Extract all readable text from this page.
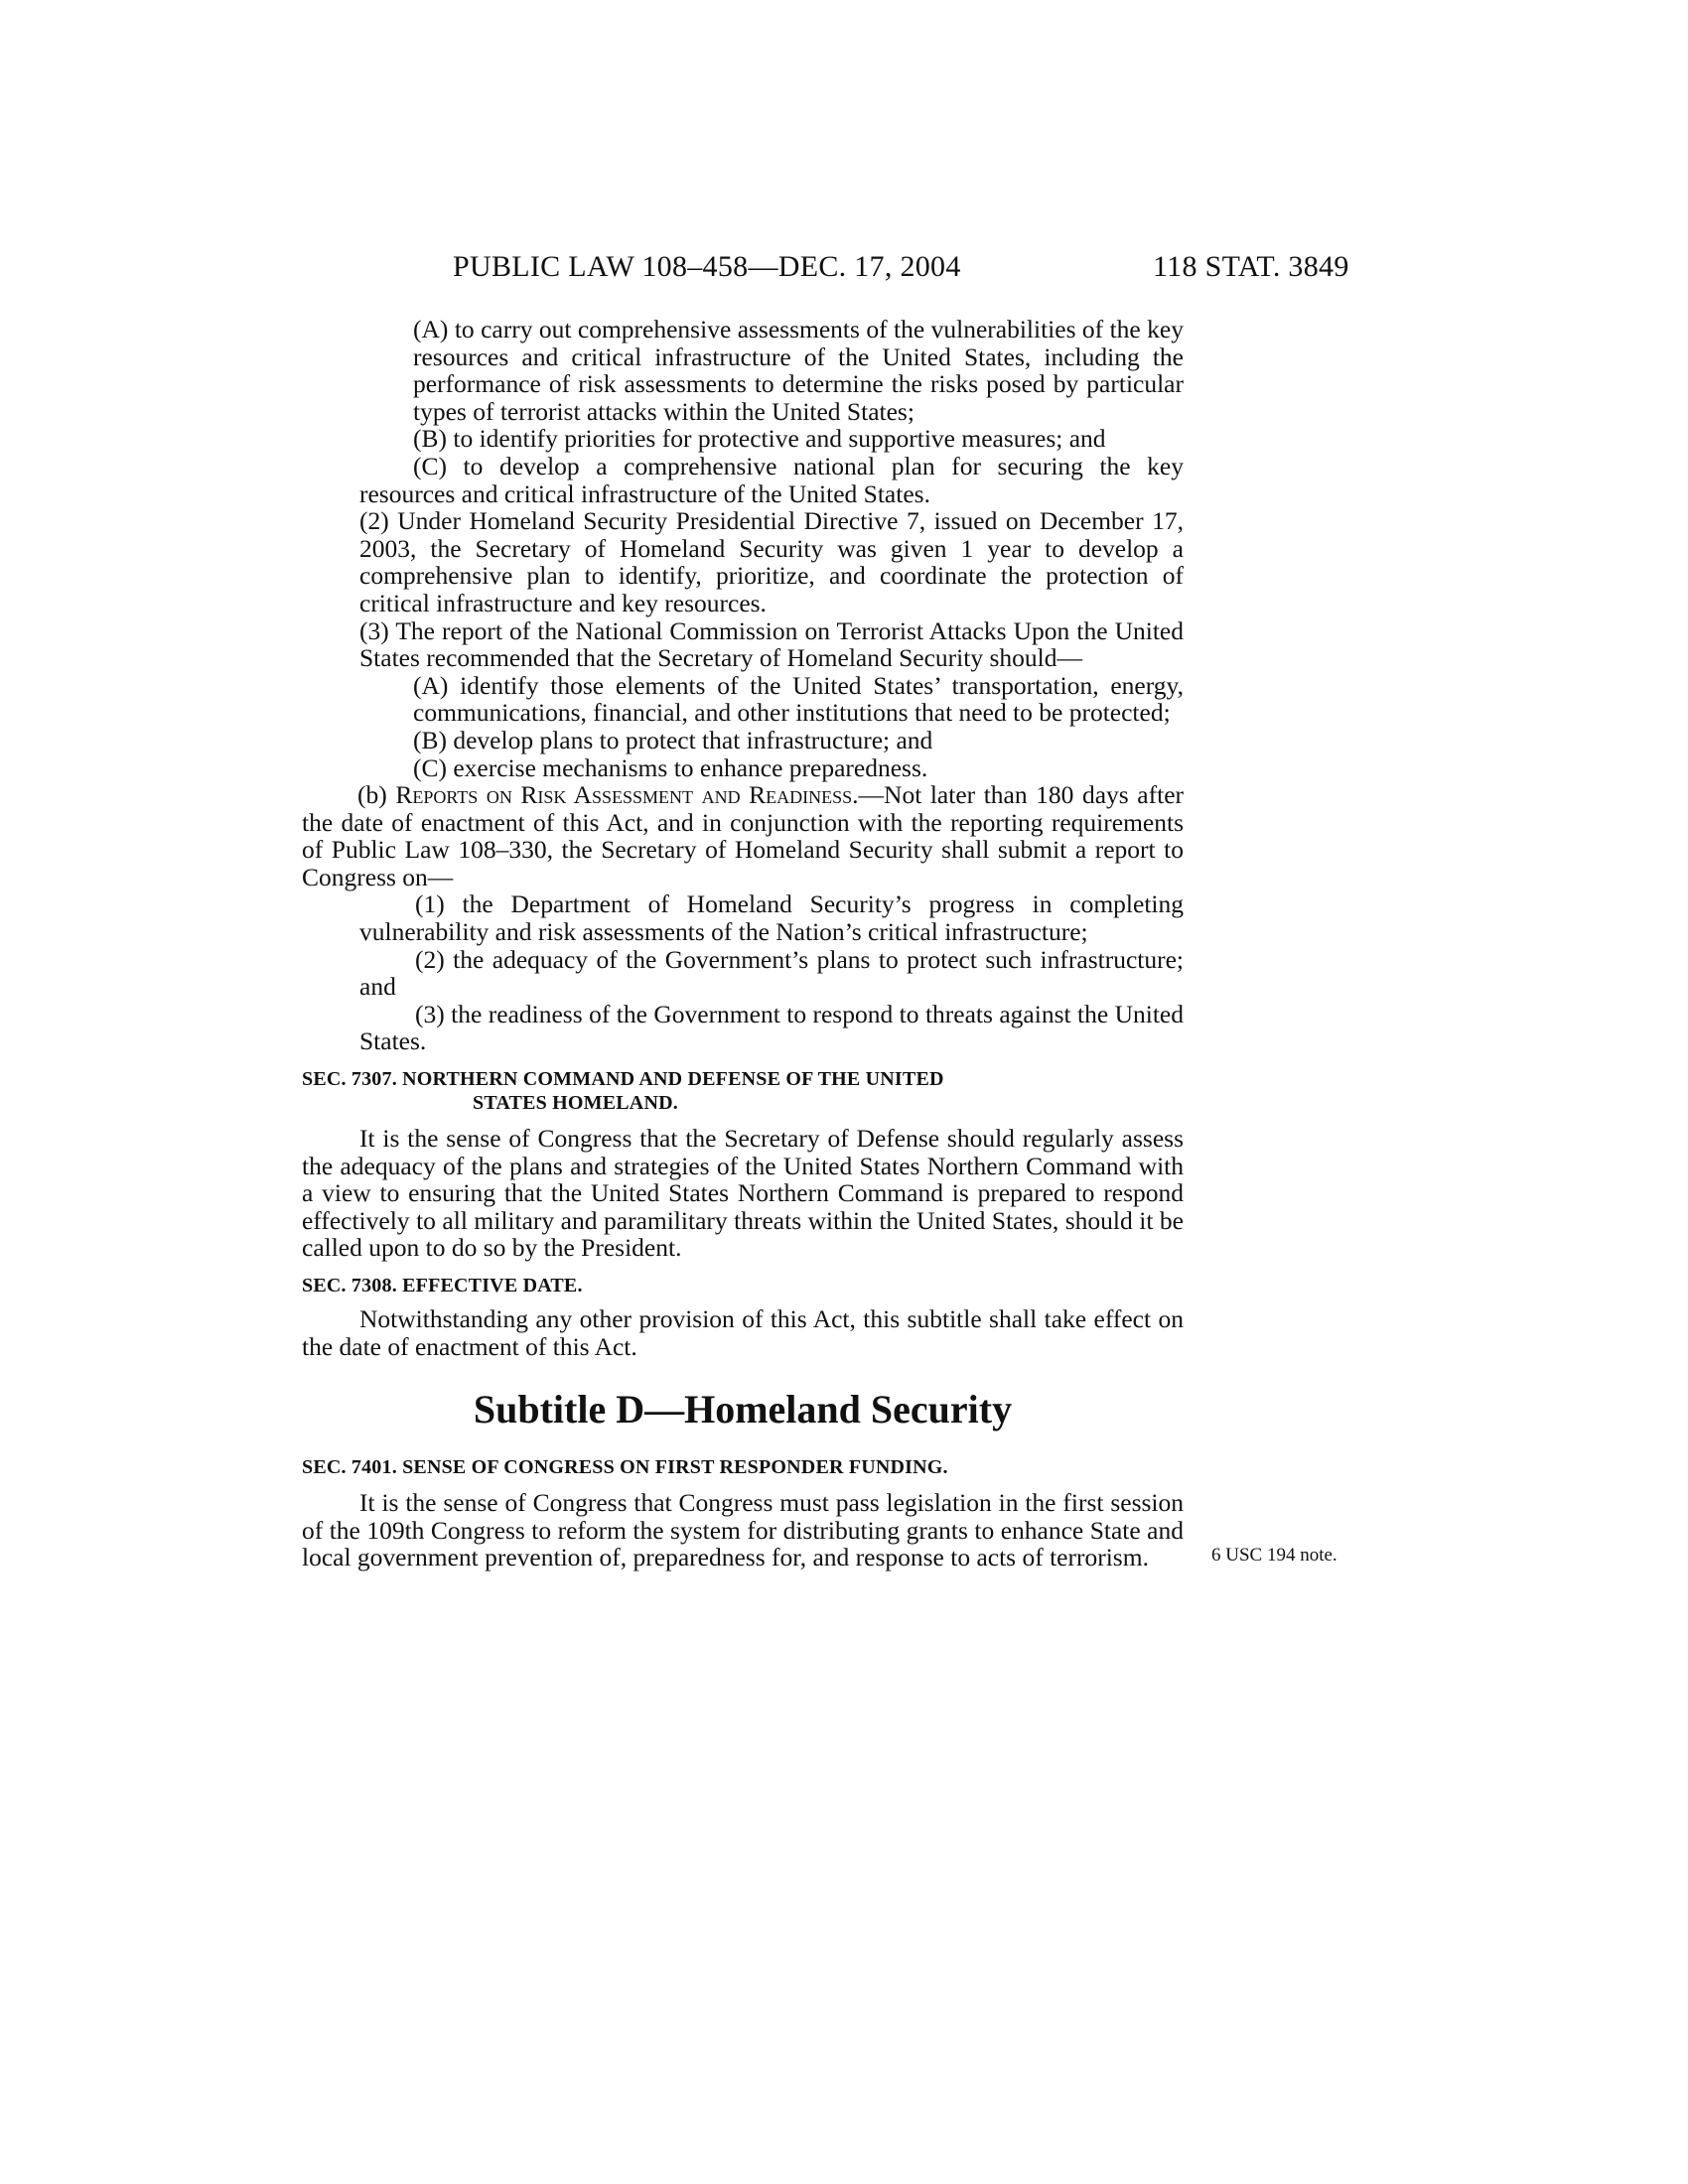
PUBLIC LAW 108–458—DEC. 17, 2004	118 STAT. 3849

(A) to carry out comprehensive assessments of the vulnerabilities of the key resources and critical infrastructure of the United States, including the performance of risk assessments to determine the risks posed by particular types of terrorist attacks within the United States;

(B) to identify priorities for protective and supportive measures; and

(C) to develop a comprehensive national plan for securing the key resources and critical infrastructure of the United States.

(2) Under Homeland Security Presidential Directive 7, issued on December 17, 2003, the Secretary of Homeland Security was given 1 year to develop a comprehensive plan to identify, prioritize, and coordinate the protection of critical infrastructure and key resources.

(3) The report of the National Commission on Terrorist Attacks Upon the United States recommended that the Secretary of Homeland Security should—

(A) identify those elements of the United States’ transportation, energy, communications, financial, and other institutions that need to be protected;

(B) develop plans to protect that infrastructure; and

(C) exercise mechanisms to enhance preparedness.

(b) Reports on Risk Assessment and Readiness.—Not later than 180 days after the date of enactment of this Act, and in conjunction with the reporting requirements of Public Law 108–330, the Secretary of Homeland Security shall submit a report to Congress on—

(1) the Department of Homeland Security’s progress in completing vulnerability and risk assessments of the Nation’s critical infrastructure;

(2) the adequacy of the Government’s plans to protect such infrastructure; and

(3) the readiness of the Government to respond to threats against the United States.

SEC. 7307. NORTHERN COMMAND AND DEFENSE OF THE UNITED
STATES HOMELAND.

It is the sense of Congress that the Secretary of Defense should regularly assess the adequacy of the plans and strategies of the United States Northern Command with a view to ensuring that the United States Northern Command is prepared to respond effectively to all military and paramilitary threats within the United States, should it be called upon to do so by the President.

SEC. 7308. EFFECTIVE DATE.

Notwithstanding any other provision of this Act, this subtitle shall take effect on the date of enactment of this Act.

Subtitle D—Homeland Security
SEC. 7401. SENSE OF CONGRESS ON FIRST RESPONDER FUNDING.

It is the sense of Congress that Congress must pass legislation in the first session of the 109th Congress to reform the system for distributing grants to enhance State and local government prevention of, preparedness for, and response to acts of terrorism.	6 USC 194 note.
